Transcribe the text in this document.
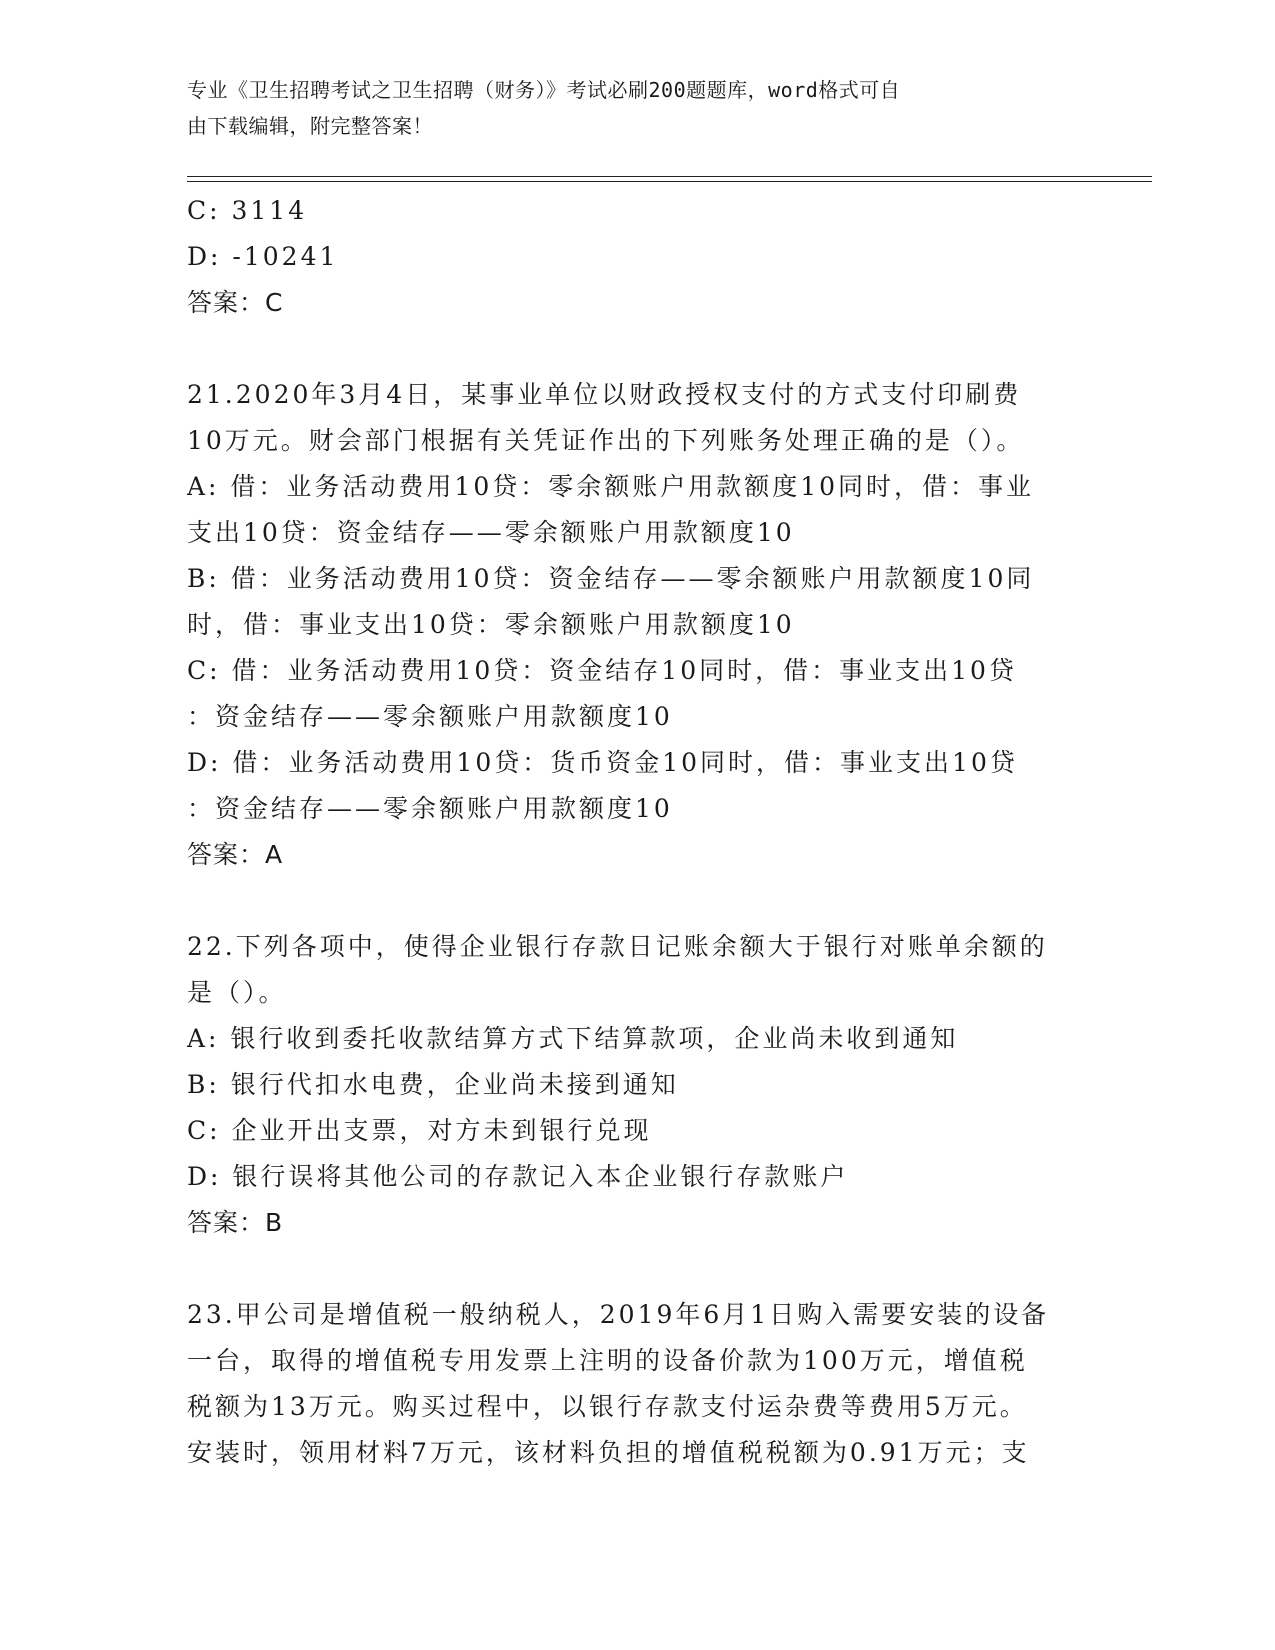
专业《卫生招聘考试之卫生招聘（财务）》考试必刷200题题库，word格式可自
由下载编辑，附完整答案！
C: 3114
D: -10241
答案：C
21.2020年3月4日，某事业单位以财政授权支付的方式支付印刷费
10万元。财会部门根据有关凭证作出的下列账务处理正确的是（）。
A: 借：业务活动费用10贷：零余额账户用款额度10同时，借：事业
支出10贷：资金结存——零余额账户用款额度10
B: 借：业务活动费用10贷：资金结存——零余额账户用款额度10同
时，借：事业支出10贷：零余额账户用款额度10
C: 借：业务活动费用10贷：资金结存10同时，借：事业支出10贷
：资金结存——零余额账户用款额度10
D: 借：业务活动费用10贷：货币资金10同时，借：事业支出10贷
：资金结存——零余额账户用款额度10
答案：A
22.下列各项中，使得企业银行存款日记账余额大于银行对账单余额的
是（）。
A: 银行收到委托收款结算方式下结算款项，企业尚未收到通知
B: 银行代扣水电费，企业尚未接到通知
C: 企业开出支票，对方未到银行兑现
D: 银行误将其他公司的存款记入本企业银行存款账户
答案：B
23.甲公司是增值税一般纳税人，2019年6月1日购入需要安装的设备
一台，取得的增值税专用发票上注明的设备价款为100万元，增值税
税额为13万元。购买过程中，以银行存款支付运杂费等费用5万元。
安装时，领用材料7万元，该材料负担的增值税税额为0.91万元；支
